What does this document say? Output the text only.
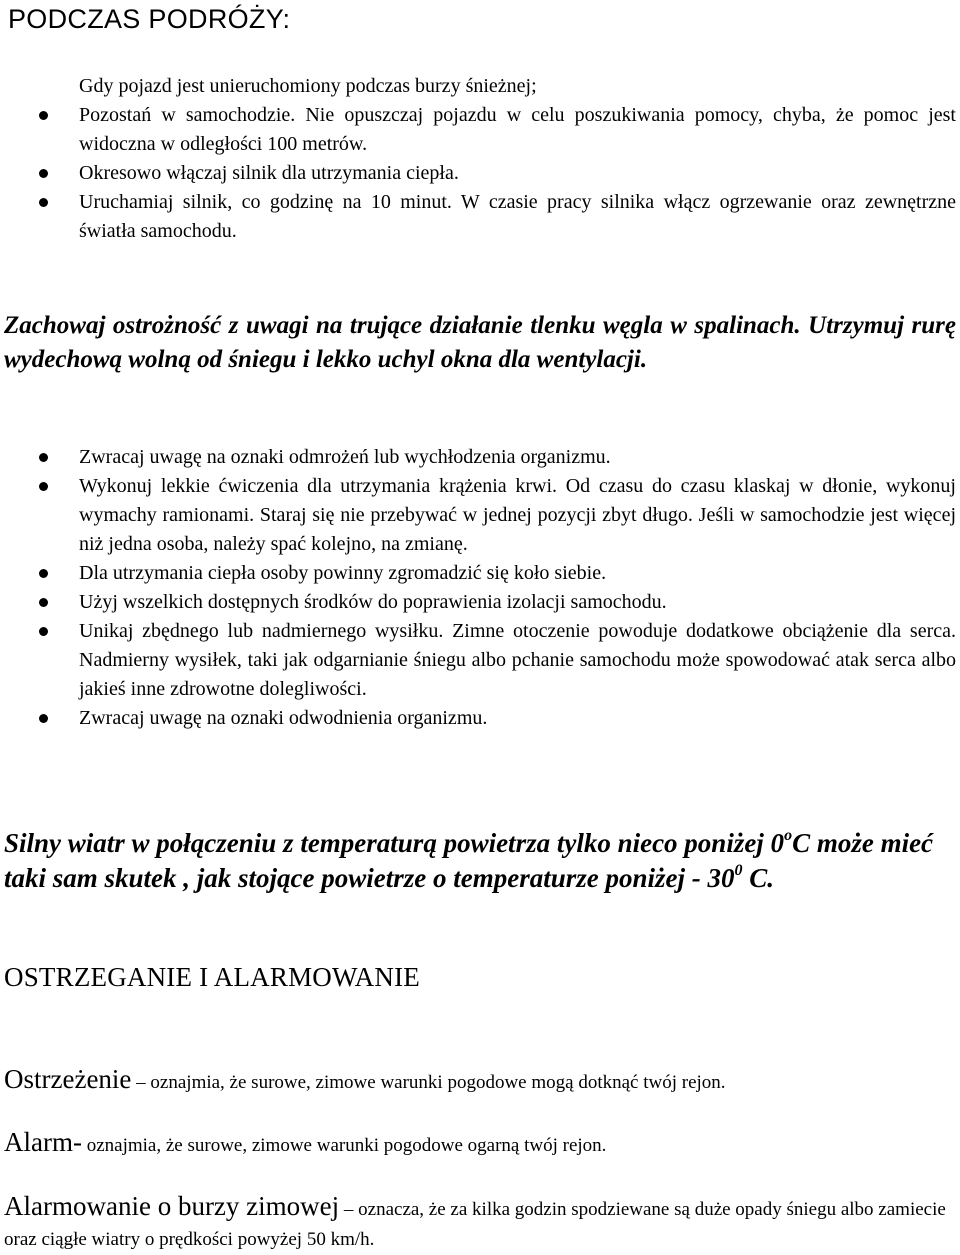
PODCZAS PODRÓŻY:

Gdy pojazd jest unieruchomiony podczas burzy śnieżnej;

Pozostań w samochodzie. Nie opuszczaj pojazdu w celu poszukiwania pomocy, chyba, że pomoc jest widoczna w odległości 100 metrów.
Okresowo włączaj silnik dla utrzymania ciepła.
Uruchamiaj silnik, co godzinę na 10 minut. W czasie pracy silnika włącz ogrzewanie oraz zewnętrzne światła samochodu.

Zachowaj ostrożność z uwagi na trujące działanie tlenku węgla w spalinach. Utrzymuj rurę wydechową wolną od śniegu i lekko uchyl okna dla wentylacji.

Zwracaj uwagę na oznaki odmrożeń lub wychłodzenia organizmu.
Wykonuj lekkie ćwiczenia dla utrzymania krążenia krwi. Od czasu do czasu klaskaj w dłonie, wykonuj wymachy ramionami. Staraj się nie przebywać w jednej pozycji zbyt długo. Jeśli w samochodzie jest więcej niż jedna osoba, należy spać kolejno, na zmianę.
Dla utrzymania ciepła osoby powinny zgromadzić się koło siebie.
Użyj wszelkich dostępnych środków do poprawienia izolacji samochodu.
Unikaj zbędnego lub nadmiernego wysiłku. Zimne otoczenie powoduje dodatkowe obciążenie dla serca. Nadmierny wysiłek, taki jak odgarnianie śniegu albo pchanie samochodu może spowodować atak serca albo jakieś inne zdrowotne dolegliwości.
Zwracaj uwagę na oznaki odwodnienia organizmu.

Silny wiatr w połączeniu z temperaturą powietrza tylko nieco poniżej 0$^o$C może mieć taki sam skutek , jak stojące powietrze o temperaturze poniżej - $30^0$ C.

OSTRZEGANIE I ALARMOWANIE

Ostrzeżenie – oznajmia, że surowe, zimowe warunki pogodowe mogą dotknąć twój rejon.

Alarm- oznajmia, że surowe, zimowe warunki pogodowe ogarną twój rejon.

Alarmowanie o burzy zimowej – oznacza, że za kilka godzin spodziewane są duże opady śniegu albo zamiecie oraz ciągłe wiatry o prędkości powyżej 50 km/h.
